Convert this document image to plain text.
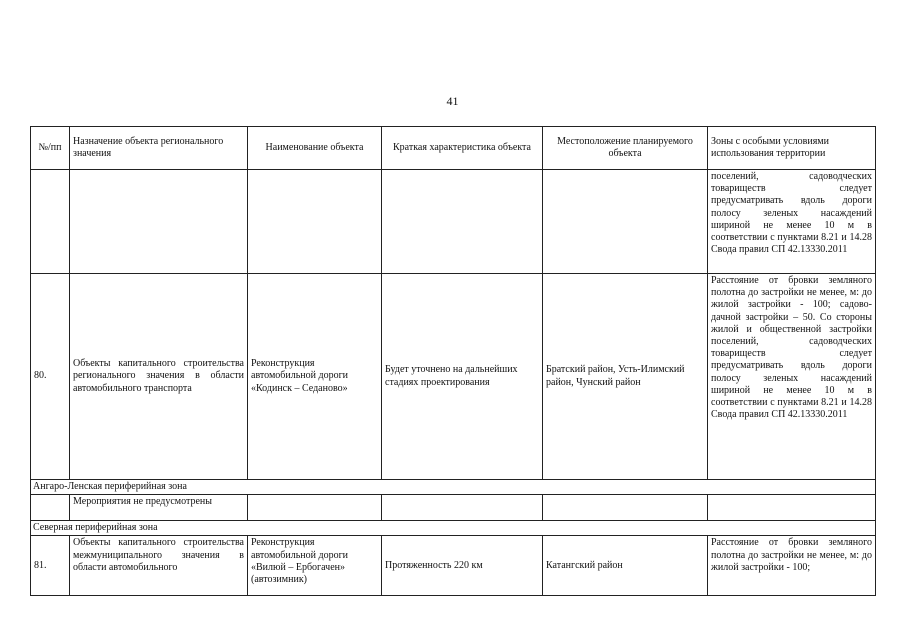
41
№/пп	Назначение объекта регионального значения	Наименование объекта	Краткая характеристика объекта	Местоположение планируемого объекта	Зоны с особыми условиями использования территории
					поселений, садоводческих товариществ следует предусматривать вдоль дороги полосу зеленых насаждений шириной не менее 10 м в соответствии с пунктами 8.21 и 14.28 Свода правил СП 42.13330.2011
80.	Объекты капитального строительства регионального значения в области автомобильного транспорта	Реконструкция автомобильной дороги «Кодинск – Седаново»	Будет уточнено на дальнейших стадиях проектирования	Братский район, Усть-Илимский район, Чунский район	Расстояние от бровки земляного полотна до застройки не менее, м: до жилой застройки - 100; садово-дачной застройки – 50. Со стороны жилой и общественной застройки поселений, садоводческих товариществ следует предусматривать вдоль дороги полосу зеленых насаждений шириной не менее 10 м в соответствии с пунктами 8.21 и 14.28 Свода правил СП 42.13330.2011
Ангаро-Ленская периферийная зона					
	Мероприятия не предусмотрены				
Северная периферийная зона					
81.	Объекты капитального строительства межмуниципального значения в области автомобильного	Реконструкция автомобильной дороги «Вилюй – Ербогачен» (автозимник)	Протяженность 220 км	Катангский район	Расстояние от бровки земляного полотна до застройки не менее, м: до жилой застройки - 100;
